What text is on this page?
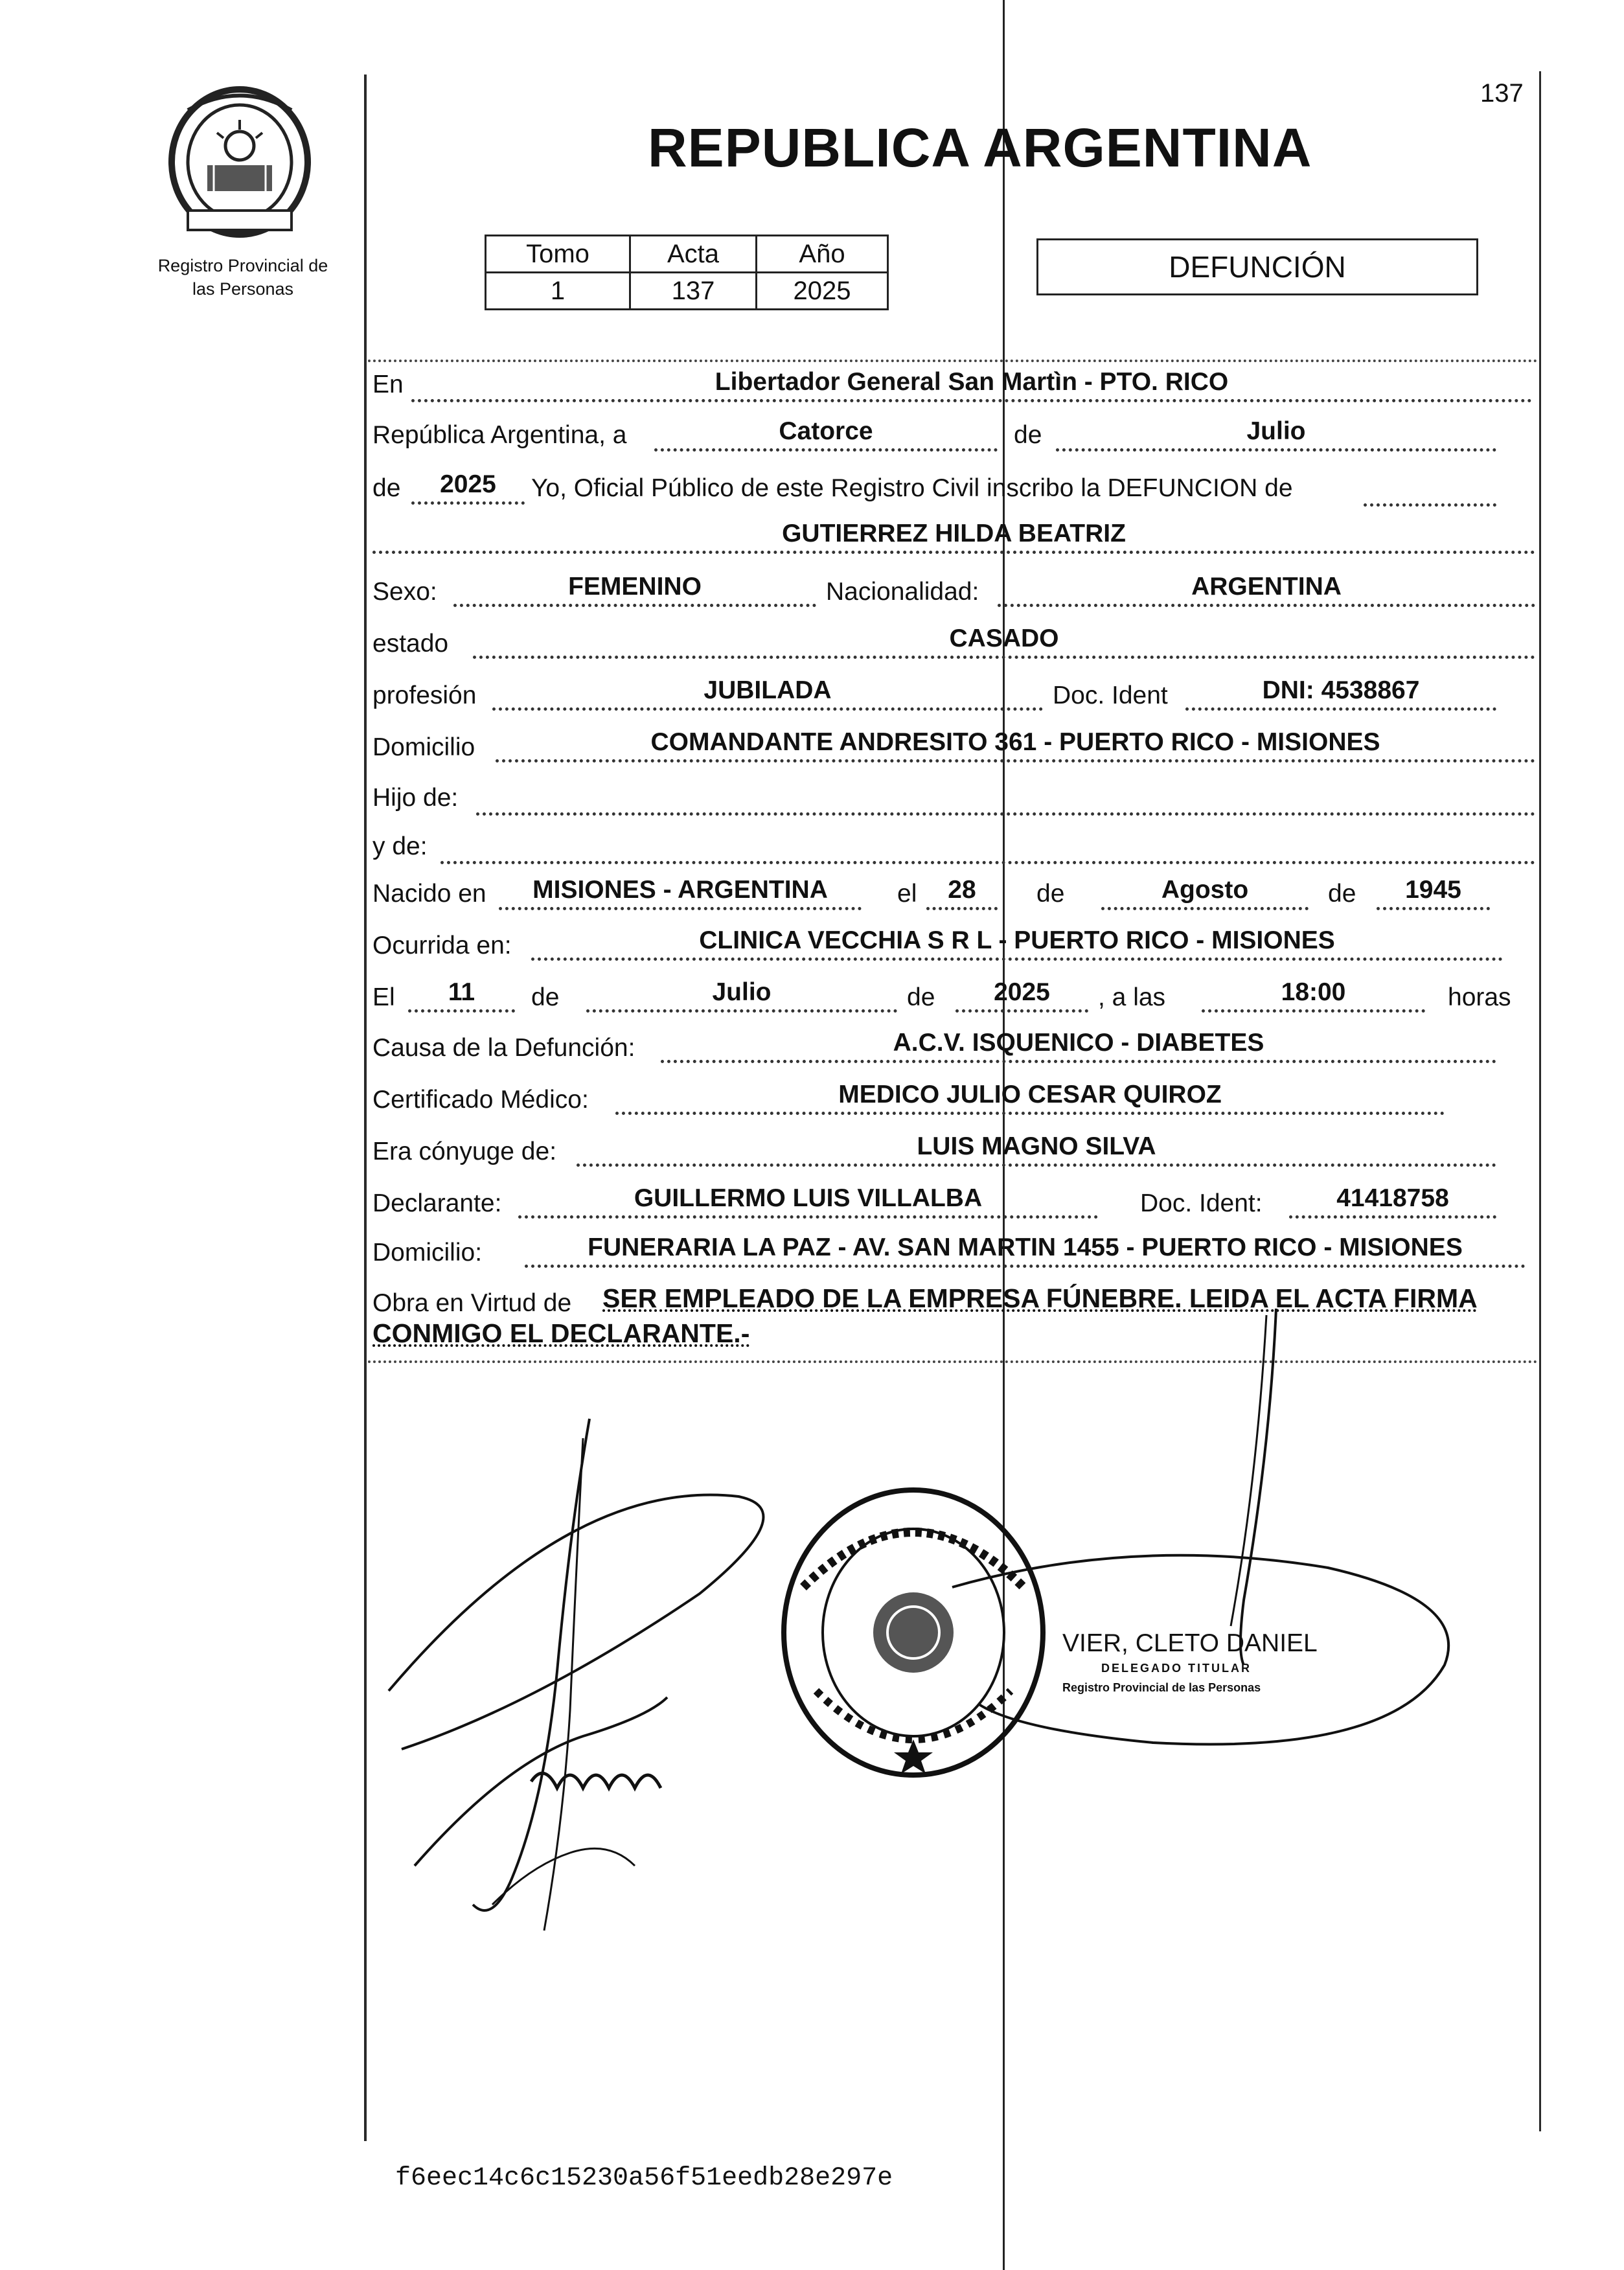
Registro Provincial de
las Personas
137
REPUBLICA ARGENTINA
Tomo	Acta	Año
1	137	2025
DEFUNCIÓN
En	Libertador General San Martìn - PTO. RICO
República Argentina, a	Catorce	de	Julio
de	2025	Yo, Oficial Público de este Registro Civil inscribo la DEFUNCION de
GUTIERREZ HILDA BEATRIZ
Sexo:	FEMENINO	Nacionalidad:	ARGENTINA
estado	CASADO
profesión	JUBILADA	Doc. Ident	DNI: 4538867
Domicilio	COMANDANTE ANDRESITO 361 - PUERTO RICO - MISIONES
Hijo de:
y de:
Nacido en	MISIONES - ARGENTINA	el	28	de	Agosto	de	1945
Ocurrida en:	CLINICA VECCHIA S R L - PUERTO RICO - MISIONES
El	11	de	Julio	de	2025	, a las	18:00	horas
Causa de la Defunción:	A.C.V. ISQUENICO - DIABETES
Certificado Médico:	MEDICO JULIO CESAR QUIROZ
Era cónyuge de:	LUIS MAGNO SILVA
Declarante:	GUILLERMO LUIS VILLALBA	Doc. Ident:	41418758
Domicilio:	FUNERARIA LA PAZ - AV. SAN MARTIN 1455 - PUERTO RICO - MISIONES
Obra en Virtud de SER EMPLEADO DE LA EMPRESA FÚNEBRE. LEIDA EL ACTA FIRMA
CONMIGO EL DECLARANTE.-
VIER, CLETO DANIEL
DELEGADO TITULAR
Registro Provincial de las Personas
f6eec14c6c15230a56f51eedb28e297e
